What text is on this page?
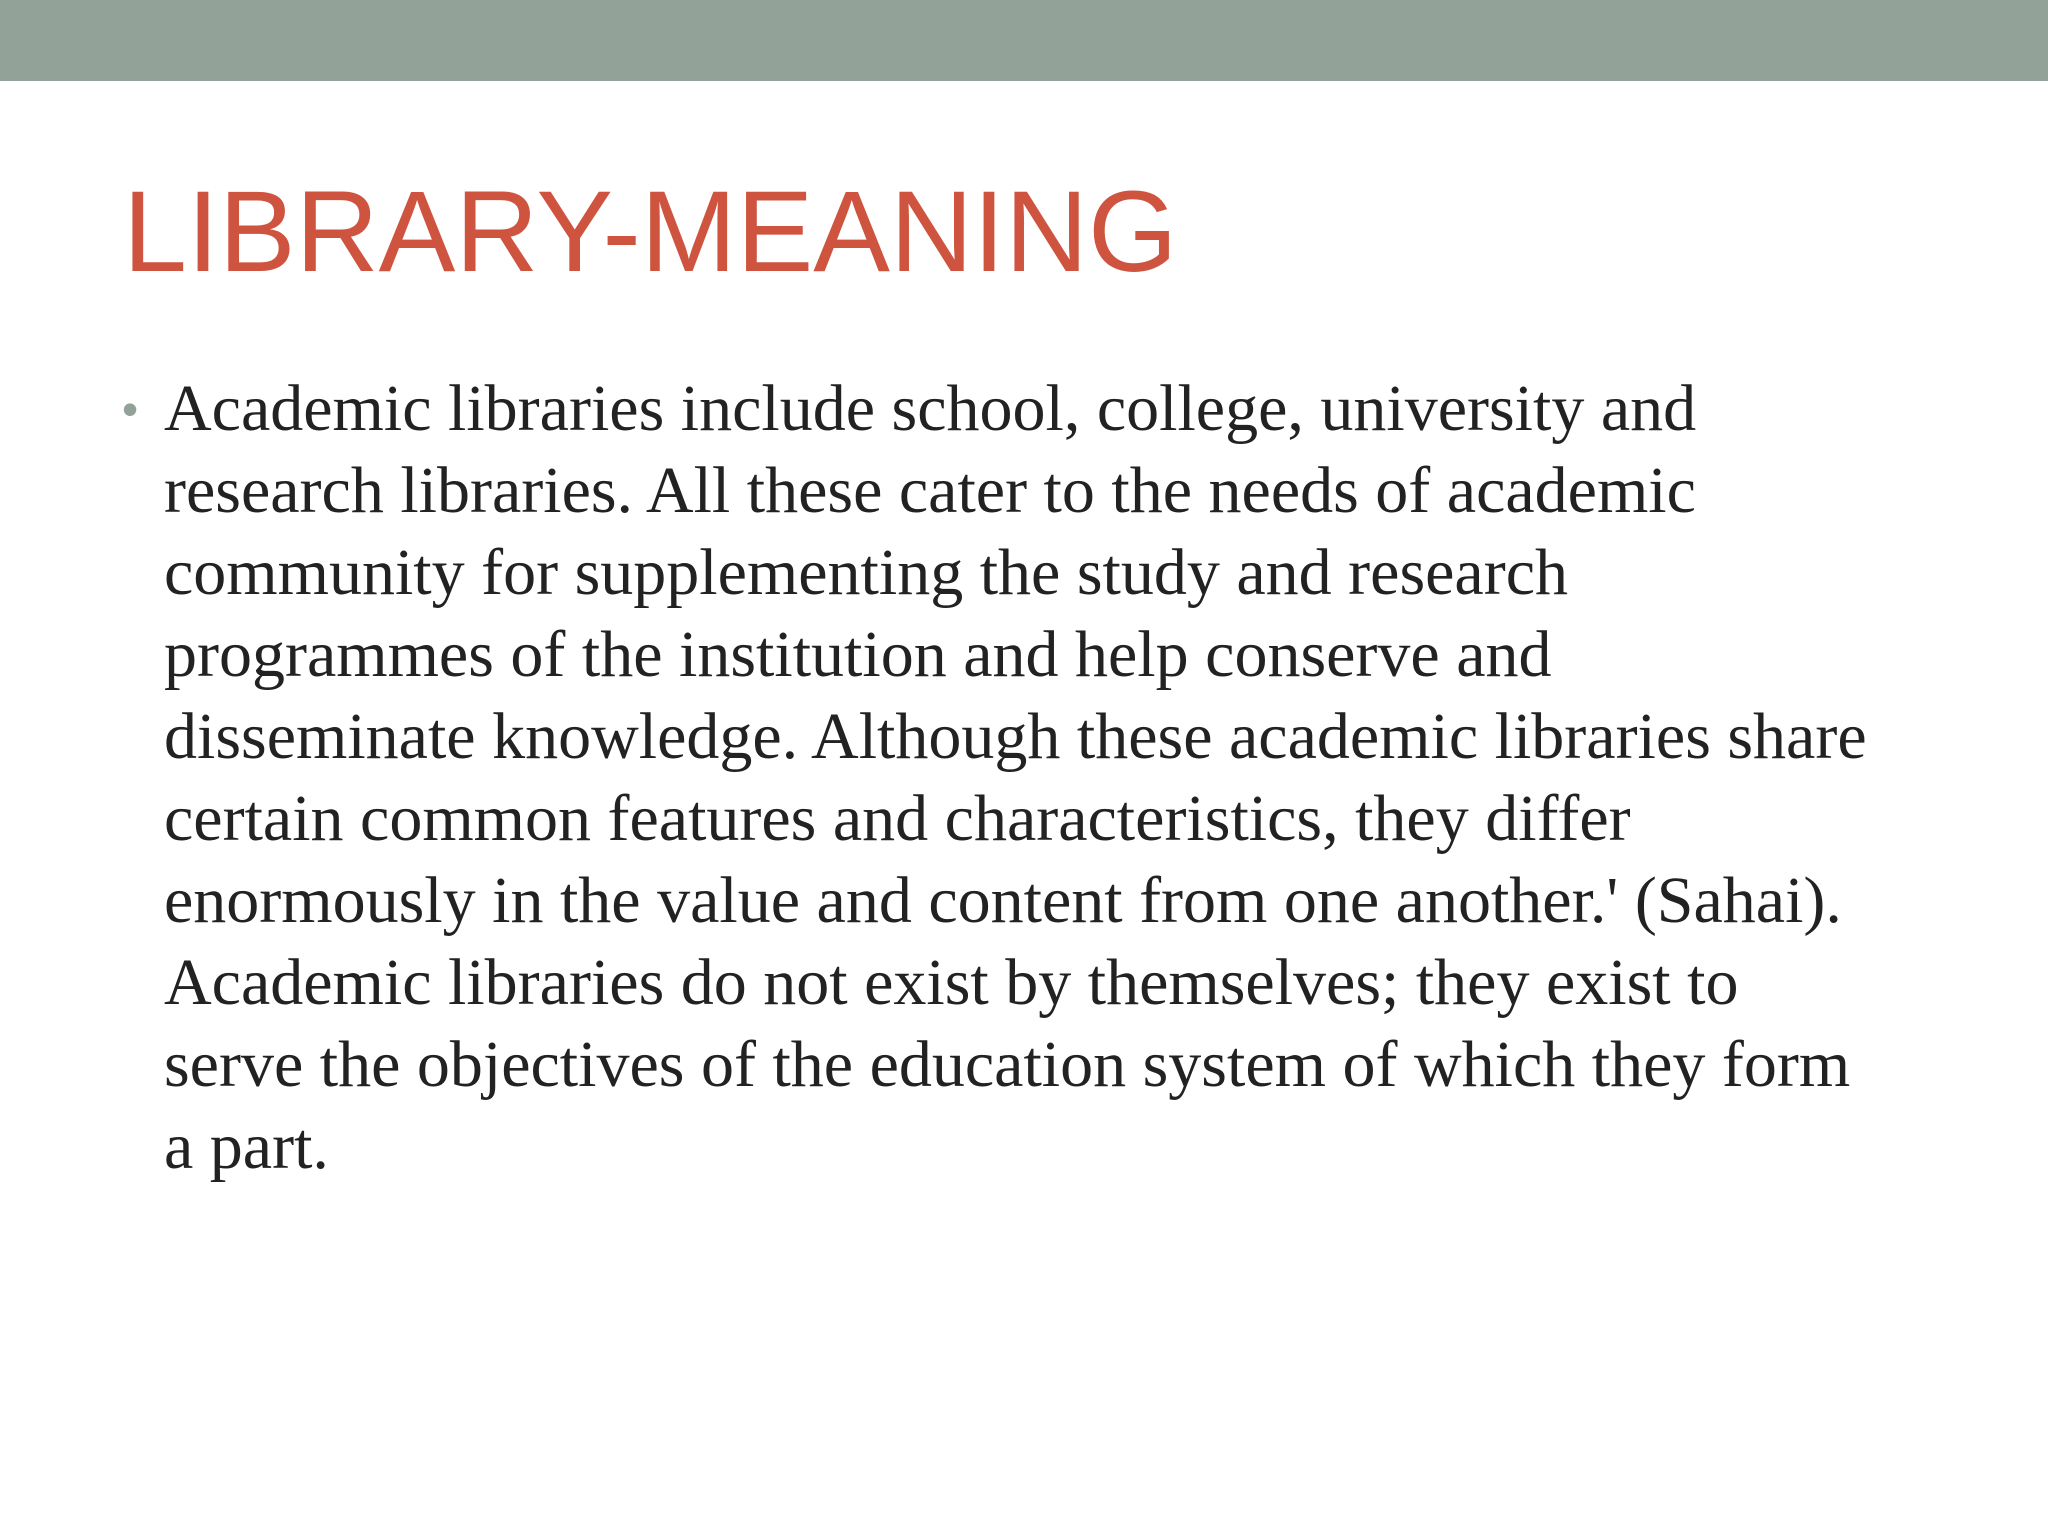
LIBRARY-MEANING
• Academic libraries include school, college, university and
research libraries. All these cater to the needs of academic
community for supplementing the study and research
programmes of the institution and help conserve and
disseminate knowledge. Although these academic libraries share
certain common features and characteristics, they differ
enormously in the value and content from one another.' (Sahai).
Academic libraries do not exist by themselves; they exist to
serve the objectives of the education system of which they form
a part.
